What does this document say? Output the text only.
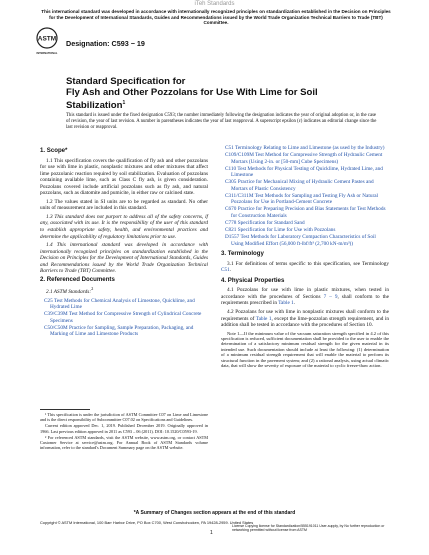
iTeh Standards
This international standard was developed in accordance with internationally recognized principles on standardization established in the Decision on Principles for the Development of International Standards, Guides and Recommendations issued by the World Trade Organization Technical Barriers to Trade (TBT) Committee.
ASTM
INTERNATIONAL
Designation: C593 − 19
Standard Specification for
Fly Ash and Other Pozzolans for Use With Lime for Soil Stabilization$^1$
This standard is issued under the fixed designation C593; the number immediately following the designation indicates the year of original adoption or, in the case of revision, the year of last revision. A number in parentheses indicates the year of last reapproval. A superscript epsilon (ε) indicates an editorial change since the last revision or reapproval.
1. Scope*

1.1 This specification covers the qualification of fly ash and other pozzolans for use with lime in plastic, nonplastic mixtures and other mixtures that affect lime pozzolanic reaction required by soil stabilization. Evaluation of pozzolans containing available lime, such as Class C fly ash, is given consideration. Pozzolans covered include artificial pozzolans such as fly ash, and natural pozzolans, such as diatomite and pumicite, in either raw or calcined state.

1.2 The values stated in SI units are to be regarded as standard. No other units of measurement are included in this standard.

1.3 This standard does not purport to address all of the safety concerns, if any, associated with its use. It is the responsibility of the user of this standard to establish appropriate safety, health, and environmental practices and determine the applicability of regulatory limitations prior to use.

1.4 This international standard was developed in accordance with internationally recognized principles on standardization established in the Decision on Principles for the Development of International Standards, Guides and Recommendations issued by the World Trade Organization Technical Barriers to Trade (TBT) Committee.

2. Referenced Documents

2.1 ASTM Standards:$^2$

C25 Test Methods for Chemical Analysis of Limestone, Quicklime, and Hydrated Lime
C39/C39M Test Method for Compressive Strength of Cylindrical Concrete Specimens
C50/C50M Practice for Sampling, Sample Preparation, Packaging, and Marking of Lime and Limestone Products

¹ This specification is under the jurisdiction of ASTM Committee C07 on Lime and Limestone and is the direct responsibility of Subcommittee C07.02 on Specifications and Guidelines.

Current edition approved Dec. 1, 2019. Published December 2019. Originally approved in 1966. Last previous edition approved in 2011 as C593 – 06 (2011). DOI: 10.1520/C0593-19.

² For referenced ASTM standards, visit the ASTM website, www.astm.org, or contact ASTM Customer Service at service@astm.org. For Annual Book of ASTM Standards volume information, refer to the standard's Document Summary page on the ASTM website.

C51 Terminology Relating to Lime and Limestone (as used by the Industry)
C109/C109M Test Method for Compressive Strength of Hydraulic Cement Mortars (Using 2-in. or [50-mm] Cube Specimens)
C110 Test Methods for Physical Testing of Quicklime, Hydrated Lime, and Limestone
C305 Practice for Mechanical Mixing of Hydraulic Cement Pastes and Mortars of Plastic Consistency
C311/C311M Test Methods for Sampling and Testing Fly Ash or Natural Pozzolans for Use in Portland-Cement Concrete
C670 Practice for Preparing Precision and Bias Statements for Test Methods for Construction Materials
C778 Specification for Standard Sand
C821 Specification for Lime for Use with Pozzolans
D1557 Test Methods for Laboratory Compaction Characteristics of Soil Using Modified Effort (56,000 ft-lbf/ft³ (2,700 kN-m/m³))
3. Terminology

3.1 For definitions of terms specific to this specification, see Terminology C51.

4. Physical Properties

4.1 Pozzolans for use with lime in plastic mixtures, when tested in accordance with the procedures of Sections 7 – 9, shall conform to the requirements prescribed in Table 1.

4.2 Pozzolans for use with lime in nonplastic mixtures shall conform to the requirements of Table 1, except the lime-pozzolan strength requirement, and in addition shall be tested in accordance with the procedures of Section 10.

Note 1—If the minimum value of the vacuum saturation strength specified in 4.2 of this specification is reduced, sufficient documentation shall be provided to the user to enable the determination of a satisfactory minimum residual strength for the given material in its intended use. Such documentation should include at least the following: (1) determination of a minimum residual strength requirement that will enable the material to perform its structural function in the pavement system; and (2) a rational analysis, using actual climatic data, that will show the severity of exposure of the material to cyclic freeze-thaw action.

*A Summary of Changes section appears at the end of this standard
Copyright © ASTM International, 100 Barr Harbor Drive, PO Box C700, West Conshohocken, PA 19428-2959. United States
1
License Copying license for Standardization/555191011 User-supply, by No further reproduction or networking permitted without license from ASTM
